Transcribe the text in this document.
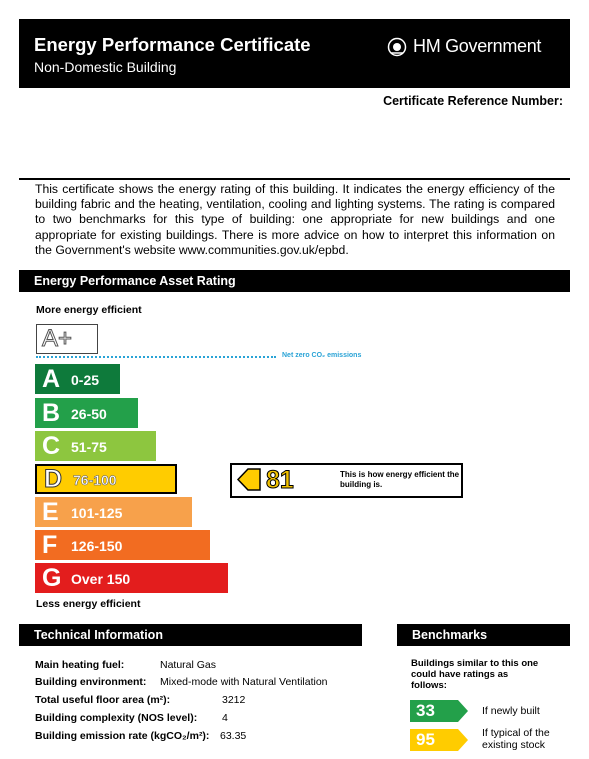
Energy Performance Certificate
Non-Domestic Building
HM Government
Certificate Reference Number:
This certificate shows the energy rating of this building. It indicates the energy efficiency of the building fabric and the heating, ventilation, cooling and lighting systems. The rating is compared to two benchmarks for this type of building: one appropriate for new buildings and one appropriate for existing buildings. There is more advice on how to interpret this information on the Government's website www.communities.gov.uk/epbd.
Energy Performance Asset Rating
More energy efficient
A+
Net zero CO₂ emissions
A 0-25
B 26-50
C 51-75
D 76-100
E 101-125
F 126-150
G Over 150
Less energy efficient
81	This is how energy efficient the building is.
Technical Information
Main heating fuel:	Natural Gas
Building environment: Mixed-mode with Natural Ventilation
Total useful floor area (m²):	3212
Building complexity (NOS level): 4
Building emission rate (kgCO₂/m²): 63.35
Benchmarks
Buildings similar to this one could have ratings as follows:
33	If newly built
95	If typical of the existing stock
